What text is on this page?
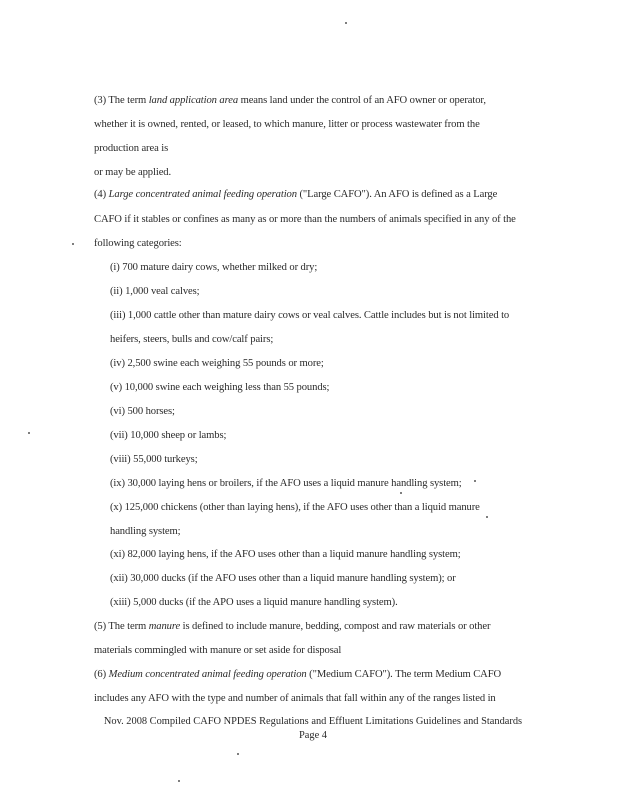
(3) The term land application area means land under the control of an AFO owner or operator,
whether it is owned, rented, or leased, to which manure, litter or process wastewater from the
production area is
or may be applied.
(4) Large concentrated animal feeding operation ("Large CAFO"). An AFO is defined as a Large
CAFO if it stables or confines as many as or more than the numbers of animals specified in any of the
following categories:
(i) 700 mature dairy cows, whether milked or dry;
(ii) 1,000 veal calves;
(iii) 1,000 cattle other than mature dairy cows or veal calves. Cattle includes but is not limited to
heifers, steers, bulls and cow/calf pairs;
(iv) 2,500 swine each weighing 55 pounds or more;
(v) 10,000 swine each weighing less than 55 pounds;
(vi) 500 horses;
(vii) 10,000 sheep or lambs;
(viii) 55,000 turkeys;
(ix) 30,000 laying hens or broilers, if the AFO uses a liquid manure handling system;
(x) 125,000 chickens (other than laying hens), if the AFO uses other than a liquid manure
handling system;
(xi) 82,000 laying hens, if the AFO uses other than a liquid manure handling system;
(xii) 30,000 ducks (if the AFO uses other than a liquid manure handling system); or
(xiii) 5,000 ducks (if the APO uses a liquid manure handling system).
(5) The term manure is defined to include manure, bedding, compost and raw materials or other
materials commingled with manure or set aside for disposal
(6) Medium concentrated animal feeding operation ("Medium CAFO"). The term Medium CAFO
includes any AFO with the type and number of animals that fall within any of the ranges listed in
Nov. 2008 Compiled CAFO NPDES Regulations and Effluent Limitations Guidelines and Standards
Page 4
